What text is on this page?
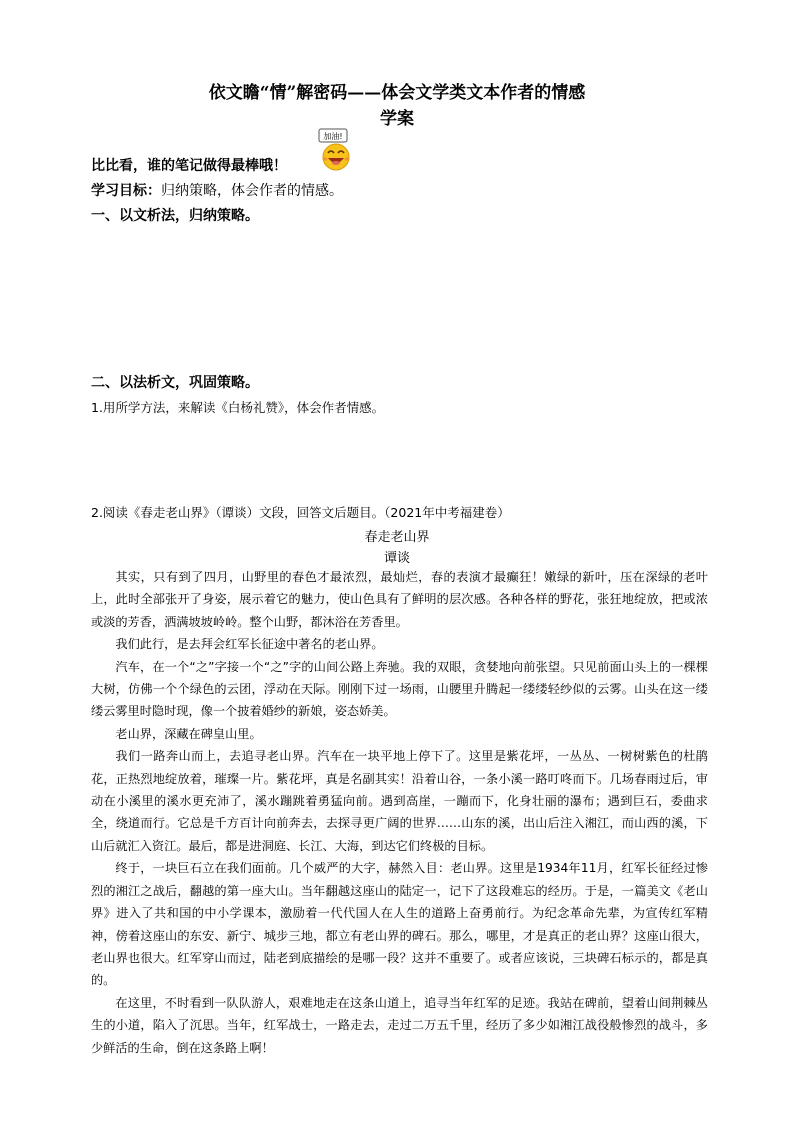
依文瞻“情”解密码——体会文学类文本作者的情感
学案
加油!
比比看，谁的笔记做得最棒哦！
学习目标：归纳策略，体会作者的情感。
一、以文析法，归纳策略。
二、以法析文，巩固策略。
1.用所学方法，来解读《白杨礼赞》，体会作者情感。
2.阅读《春走老山界》（谭谈）文段，回答文后题目。（2021年中考福建卷）
春走老山界
谭谈
其实，只有到了四月，山野里的春色才最浓烈，最灿烂，春的表演才最癫狂！嫩绿的新叶，压在深绿的老叶上，此时全部张开了身姿，展示着它的魅力，使山色具有了鲜明的层次感。各种各样的野花，张狂地绽放，把或浓或淡的芳香，洒满坡坡岭岭。整个山野，都沐浴在芳香里。
我们此行，是去拜会红军长征途中著名的老山界。
汽车，在一个“之”字接一个“之”字的山间公路上奔驰。我的双眼，贪婪地向前张望。只见前面山头上的一棵棵大树，仿佛一个个绿色的云团，浮动在天际。刚刚下过一场雨，山腰里升腾起一缕缕轻纱似的云雾。山头在这一缕缕云雾里时隐时现，像一个披着婚纱的新娘，姿态娇美。
老山界，深藏在碑皇山里。
我们一路奔山而上，去追寻老山界。汽车在一块平地上停下了。这里是紫花坪，一丛丛、一树树紫色的杜鹃花，正热烈地绽放着，璀璨一片。紫花坪，真是名副其实！沿着山谷，一条小溪一路叮咚而下。几场春雨过后，审动在小溪里的溪水更充沛了，溪水蹦跳着勇猛向前。遇到高崖，一蹦而下，化身壮丽的瀑布；遇到巨石，委曲求全，绕道而行。它总是千方百计向前奔去，去探寻更广阔的世界……山东的溪，出山后注入湘江，而山西的溪，下山后就汇入资江。最后，都是进洞庭、长江、大海，到达它们终极的目标。
终于，一块巨石立在我们面前。几个威严的大字，赫然入目：老山界。这里是1934年11月，红军长征经过惨烈的湘江之战后，翻越的第一座大山。当年翻越这座山的陆定一，记下了这段难忘的经历。于是，一篇美文《老山界》进入了共和国的中小学课本，激励着一代代国人在人生的道路上奋勇前行。为纪念革命先辈，为宣传红军精神，傍着这座山的东安、新宁、城步三地，都立有老山界的碑石。那么，哪里，才是真正的老山界？这座山很大，老山界也很大。红军穿山而过，陆老到底描绘的是哪一段？这并不重要了。或者应该说，三块碑石标示的，都是真的。
在这里，不时看到一队队游人，艰难地走在这条山道上，追寻当年红军的足迹。我站在碑前，望着山间荆棘丛生的小道，陷入了沉思。当年，红军战士，一路走去，走过二万五千里，经历了多少如湘江战役般惨烈的战斗，多少鲜活的生命，倒在这条路上啊！
